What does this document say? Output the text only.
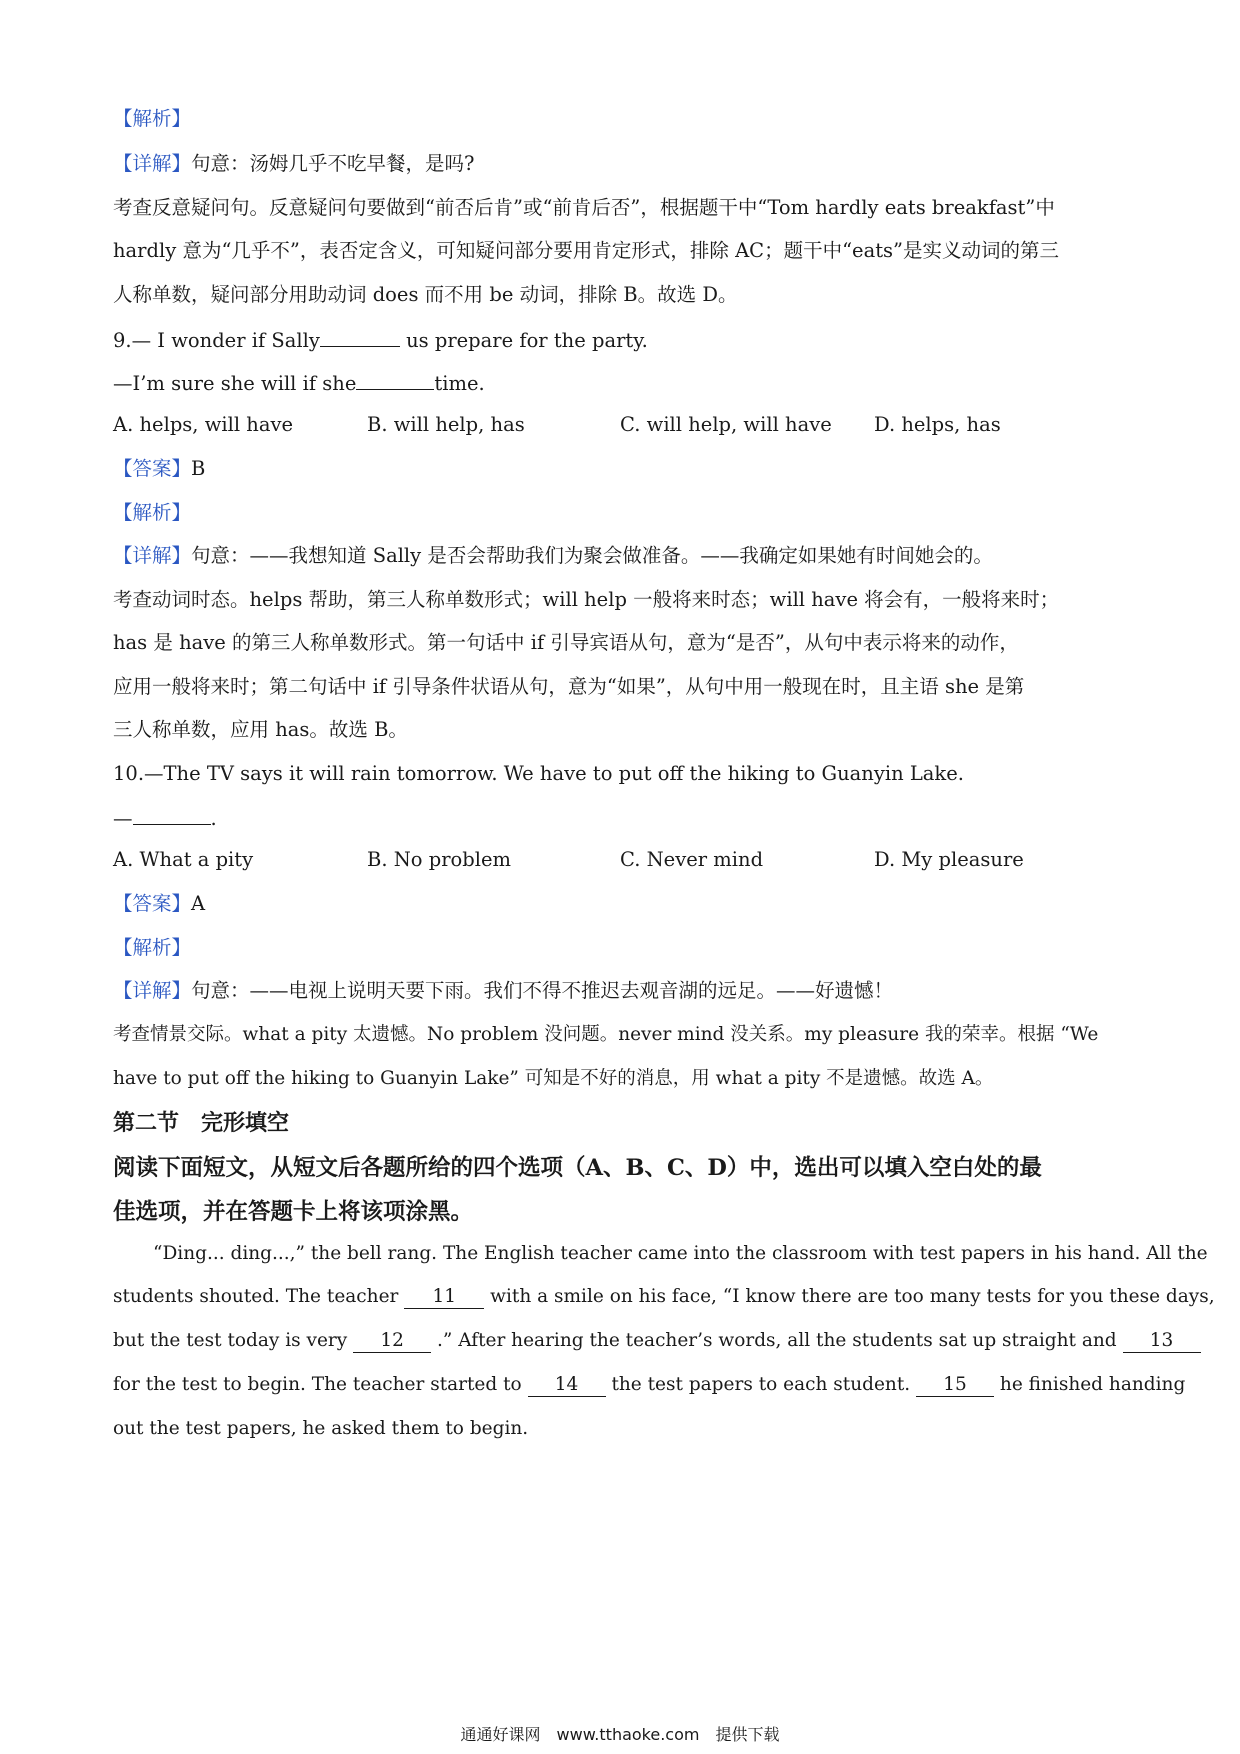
【解析】
【详解】句意：汤姆几乎不吃早餐，是吗?
考查反意疑问句。反意疑问句要做到“前否后肯”或“前肯后否”，根据题干中“Tom hardly eats breakfast”中
hardly 意为“几乎不”，表否定含义，可知疑问部分要用肯定形式，排除 AC；题干中“eats”是实义动词的第三
人称单数，疑问部分用助动词 does 而不用 be 动词，排除 B。故选 D。
9.— I wonder if Sally	us prepare for the party.
—I’m sure she will if she	time.
A. helps, will have	B. will help, has	C. will help, will have D. helps, has
【答案】B
【解析】
【详解】句意：——我想知道 Sally 是否会帮助我们为聚会做准备。——我确定如果她有时间她会的。
考查动词时态。helps 帮助，第三人称单数形式；will help 一般将来时态；will have 将会有，一般将来时；
has 是 have 的第三人称单数形式。第一句话中 if 引导宾语从句，意为“是否”，从句中表示将来的动作，
应用一般将来时；第二句话中 if 引导条件状语从句，意为“如果”，从句中用一般现在时，且主语 she 是第
三人称单数，应用 has。故选 B。
10.—The TV says it will rain tomorrow. We have to put off the hiking to Guanyin Lake.
—	.
A. What a pity	B. No problem	C. Never mind	D. My pleasure
【答案】A
【解析】
【详解】句意：——电视上说明天要下雨。我们不得不推迟去观音湖的远足。——好遗憾！
考查情景交际。what a pity 太遗憾。No problem 没问题。never mind 没关系。my pleasure 我的荣幸。根据 “We
have to put off the hiking to Guanyin Lake” 可知是不好的消息，用 what a pity 不是遗憾。故选 A。
第二节　完形填空
阅读下面短文，从短文后各题所给的四个选项（A、B、C、D）中，选出可以填入空白处的最
佳选项，并在答题卡上将该项涂黑。
“Ding... ding...,” the bell rang. The English teacher came into the classroom with test papers in his hand. All the
students shouted. The teacher 11 with a smile on his face, “I know there are too many tests for you these days,
but the test today is very 12 .” After hearing the teacher’s words, all the students sat up straight and 13
for the test to begin. The teacher started to 14 the test papers to each student. 15 he finished handing
out the test papers, he asked them to begin.
通通好课网　www.tthaoke.com　提供下载
